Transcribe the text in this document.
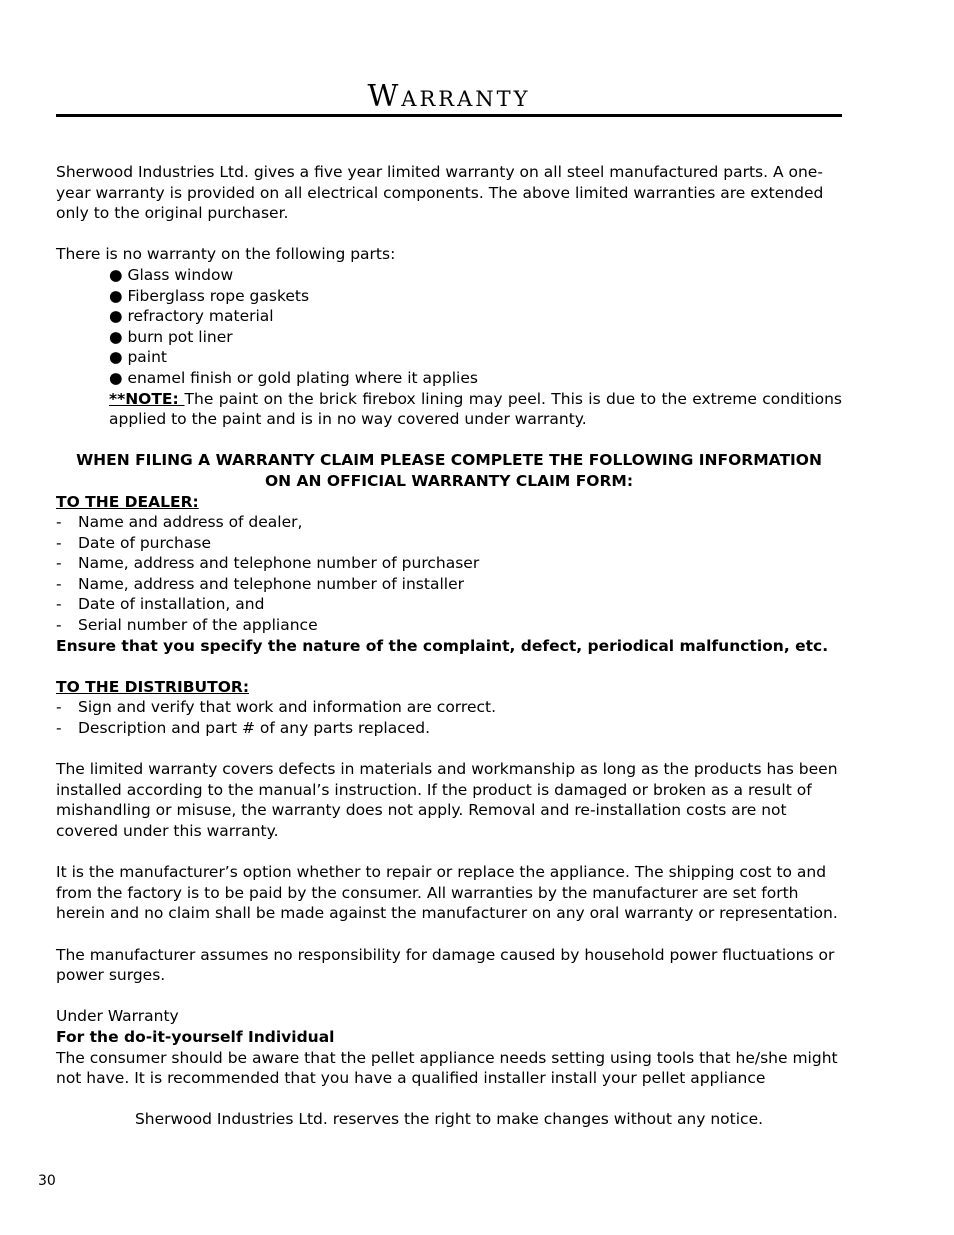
Warranty

Sherwood Industries Ltd. gives a five year limited warranty on all steel manufactured parts. A one-year warranty is provided on all electrical components. The above limited warranties are extended only to the original purchaser.

There is no warranty on the following parts:

● Glass window

● Fiberglass rope gaskets

● refractory material

● burn pot liner

● paint

● enamel finish or gold plating where it applies

**NOTE: The paint on the brick firebox lining may peel. This is due to the extreme conditions applied to the paint and is in no way covered under warranty.

WHEN FILING A WARRANTY CLAIM PLEASE COMPLETE THE FOLLOWING INFORMATION

ON AN OFFICIAL WARRANTY CLAIM FORM:

TO THE DEALER:

-	Name and address of dealer,
-	Date of purchase
-	Name, address and telephone number of purchaser
-	Name, address and telephone number of installer
-	Date of installation, and
-	Serial number of the appliance

Ensure that you specify the nature of the complaint, defect, periodical malfunction, etc.

TO THE DISTRIBUTOR:

-	Sign and verify that work and information are correct.
-	Description and part # of any parts replaced.

The limited warranty covers defects in materials and workmanship as long as the products has been installed according to the manual’s instruction. If the product is damaged or broken as a result of mishandling or misuse, the warranty does not apply. Removal and re-installation costs are not covered under this warranty.

It is the manufacturer’s option whether to repair or replace the appliance. The shipping cost to and from the factory is to be paid by the consumer. All warranties by the manufacturer are set forth herein and no claim shall be made against the manufacturer on any oral warranty or representation.

The manufacturer assumes no responsibility for damage caused by household power fluctuations or power surges.

Under Warranty

For the do-it-yourself Individual

The consumer should be aware that the pellet appliance needs setting using tools that he/she might not have. It is recommended that you have a qualified installer install your pellet appliance

Sherwood Industries Ltd. reserves the right to make changes without any notice.

30
